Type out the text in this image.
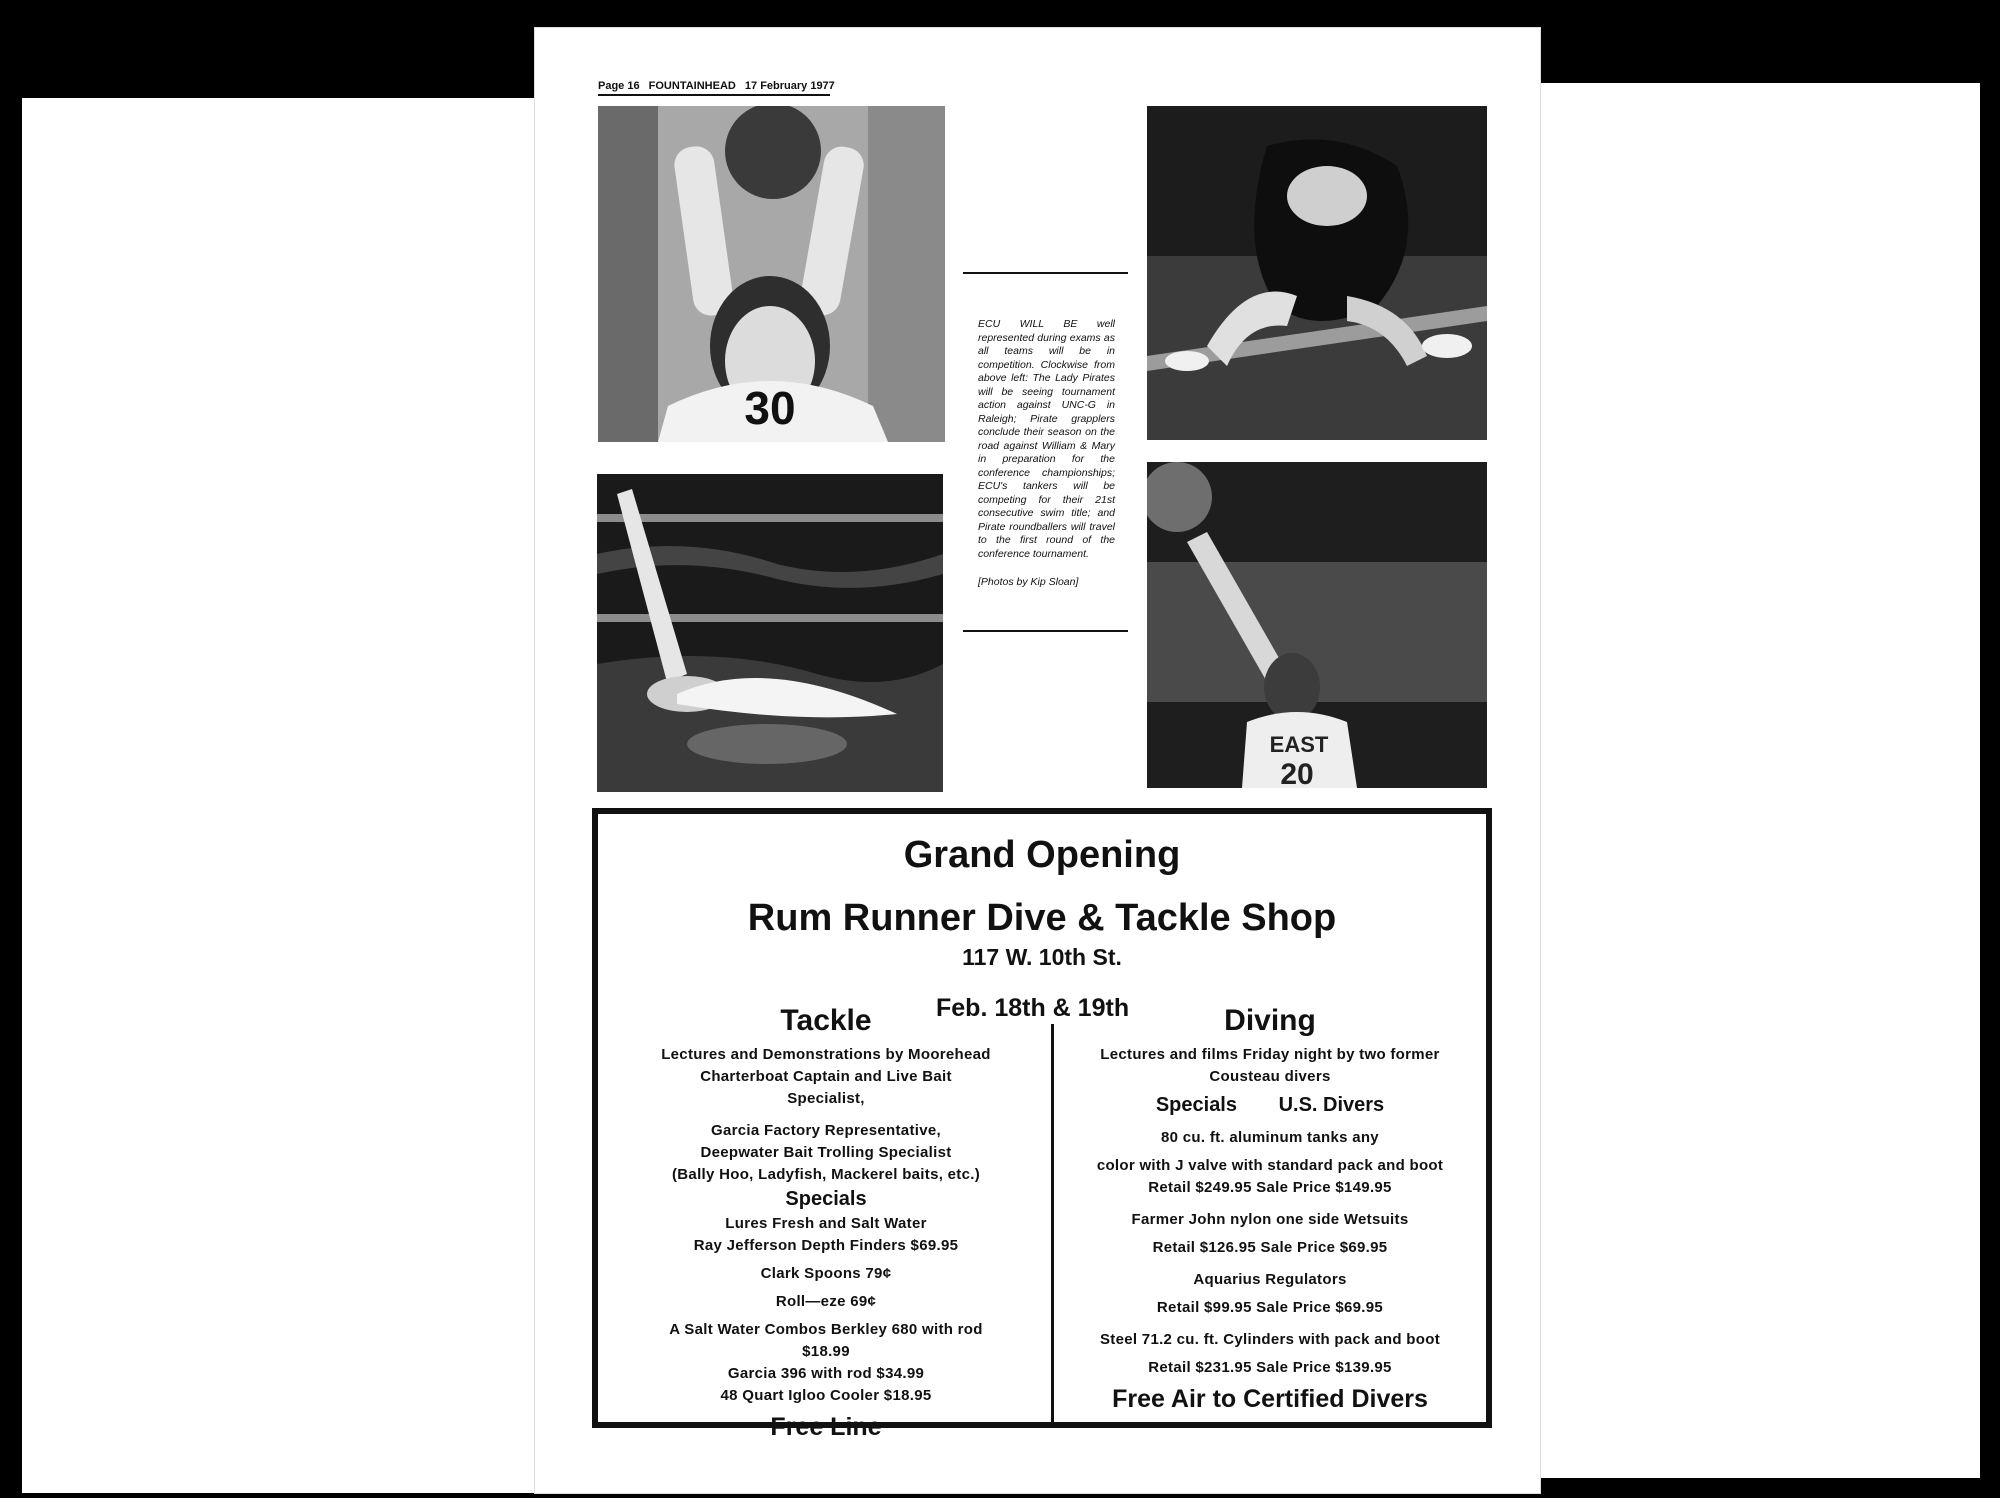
Page 16 FOUNTAINHEAD 17 February 1977
30
EAST
20
ECU WILL BE well represented during exams as all teams will be in competition. Clockwise from above left: The Lady Pirates will be seeing tournament action against UNC-G in Raleigh; Pirate grapplers conclude their season on the road against William & Mary in preparation for the conference championships; ECU's tankers will be competing for their 21st consecutive swim title; and Pirate roundballers will travel to the first round of the conference tournament.
[Photos by Kip Sloan]
Grand Opening
Rum Runner Dive & Tackle Shop
117 W. 10th St.
Feb. 18th & 19th
Tackle
Lectures and Demonstrations by Moorehead
Charterboat Captain and Live Bait
Specialist,
Garcia Factory Representative,
Deepwater Bait Trolling Specialist
(Bally Hoo, Ladyfish, Mackerel baits, etc.)
Specials
Lures Fresh and Salt Water
Ray Jefferson Depth Finders $69.95
Clark Spoons 79¢
Roll—eze 69¢
A Salt Water Combos Berkley 680 with rod
$18.99
Garcia 396 with rod $34.99
48 Quart Igloo Cooler $18.95
Free Line
Diving
Lectures and films Friday night by two former
Cousteau divers
Specials U.S. Divers
80 cu. ft. aluminum tanks any
color with J valve with standard pack and boot
Retail $249.95 Sale Price $149.95
Farmer John nylon one side Wetsuits
Retail $126.95 Sale Price $69.95
Aquarius Regulators
Retail $99.95 Sale Price $69.95
Steel 71.2 cu. ft. Cylinders with pack and boot
Retail $231.95 Sale Price $139.95
Free Air to Certified Divers
